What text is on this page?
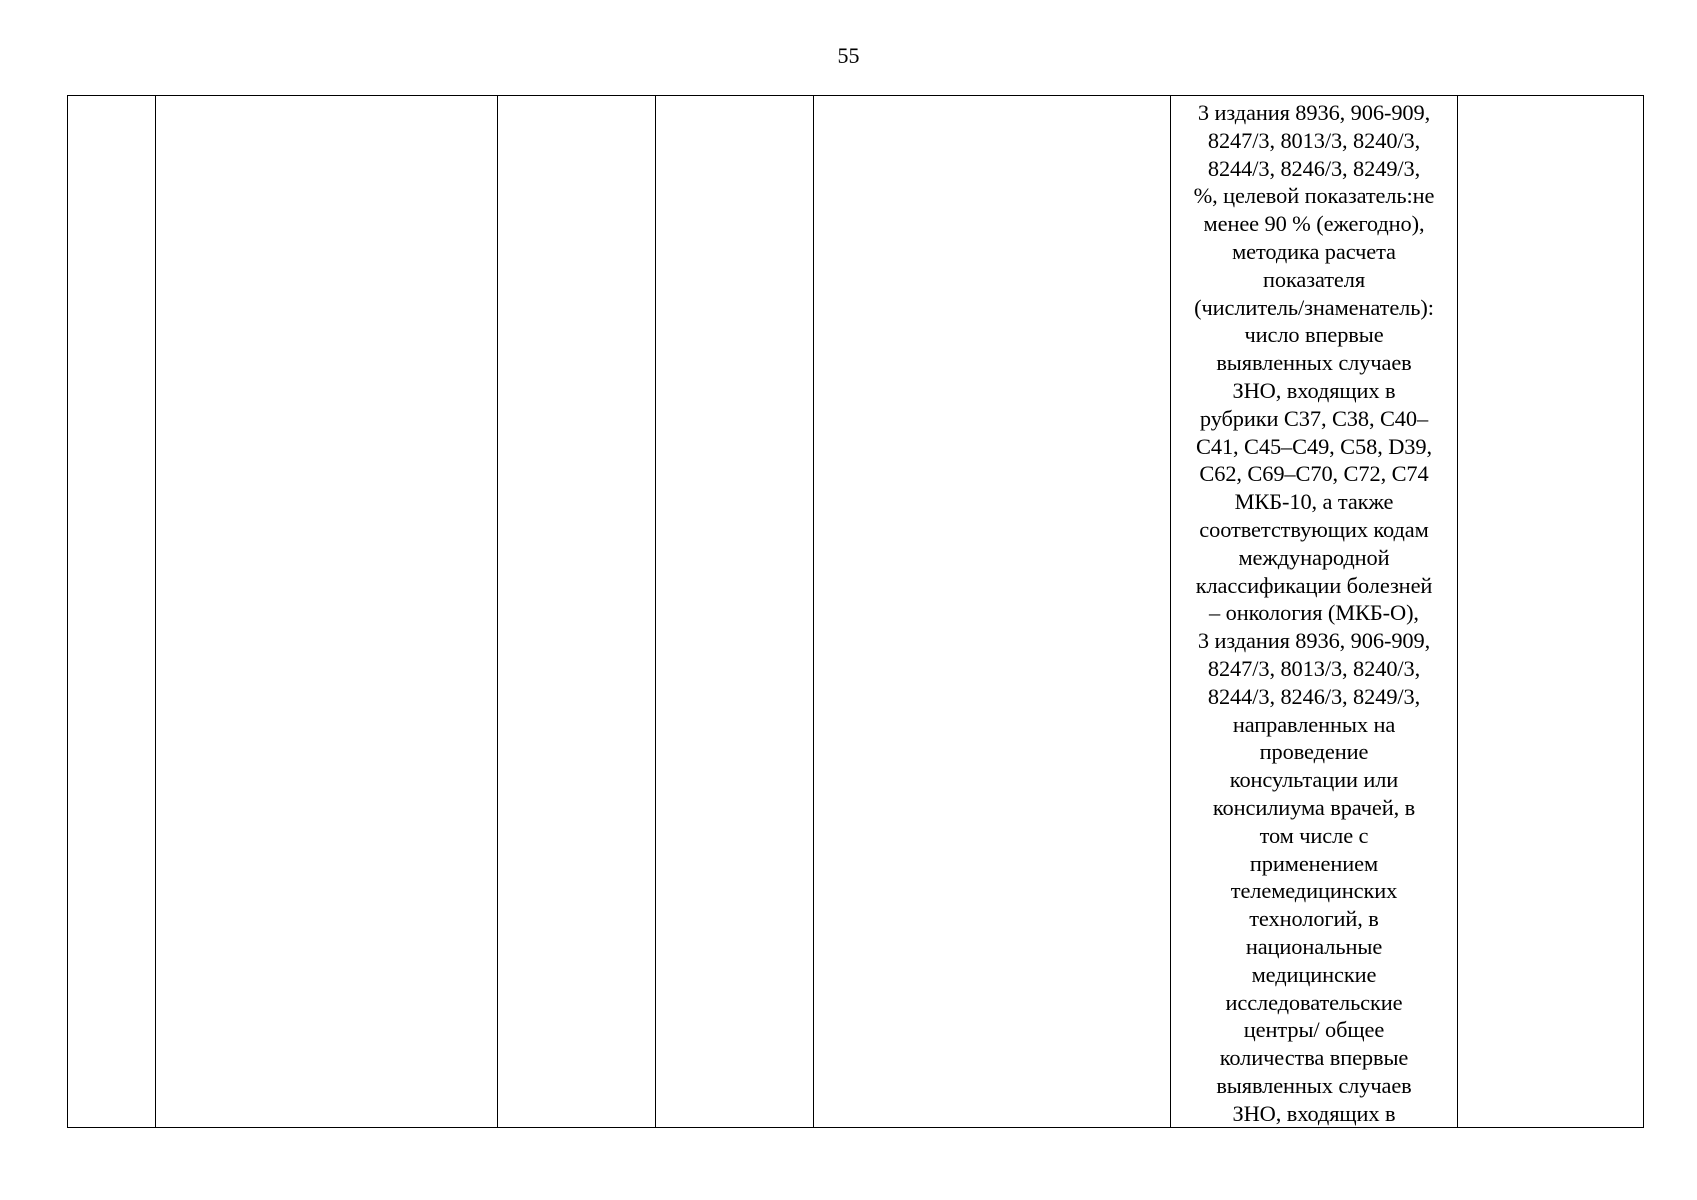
55

3 издания 8936, 906-909,
8247/3, 8013/3, 8240/3,
8244/3, 8246/3, 8249/3,
%, целевой показатель:не
менее 90 % (ежегодно),
методика расчета
показателя
(числитель/знаменатель):
число впервые
выявленных случаев
ЗНО, входящих в
рубрики С37, С38, С40–
С41, С45–С49, С58, D39,
С62, С69–С70, С72, С74
МКБ-10, а также
соответствующих кодам
международной
классификации болезней
– онкология (МКБ-О),
3 издания 8936, 906-909,
8247/3, 8013/3, 8240/3,
8244/3, 8246/3, 8249/3,
направленных на
проведение
консультации или
консилиума врачей, в
том числе с
применением
телемедицинских
технологий, в
национальные
медицинские
исследовательские
центры/ общее
количества впервые
выявленных случаев
ЗНО, входящих в
